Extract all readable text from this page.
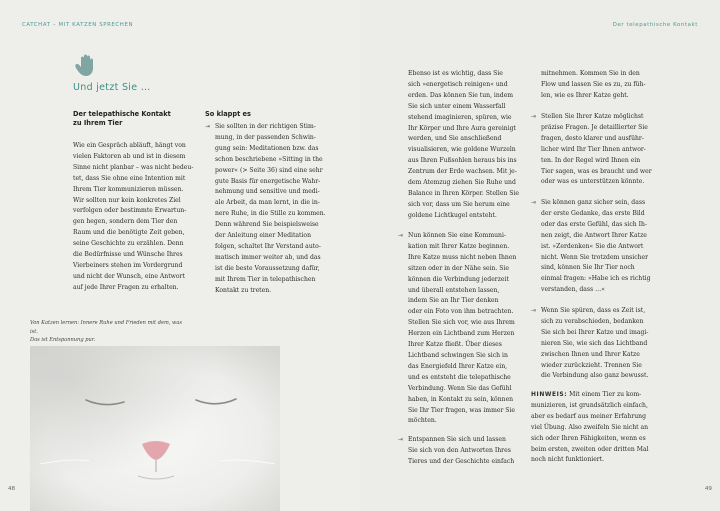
CATCHAT – MIT KATZEN SPRECHEN
Und jetzt Sie …
Der telepathische Kontakt
zu Ihrem Tier
Wie ein Gespräch abläuft, hängt von
vielen Faktoren ab und ist in diesem
Sinne nicht planbar – was nicht bedeu-
tet, dass Sie ohne eine Intention mit
Ihrem Tier kommunizieren müssen.
Wir sollten nur kein konkretes Ziel
verfolgen oder bestimmte Erwartun-
gen hegen, sondern dem Tier den
Raum und die benötigte Zeit geben,
seine Geschichte zu erzählen. Denn
die Bedürfnisse und Wünsche Ihres
Vierbeiners stehen im Vordergrund
und nicht der Wunsch, eine Antwort
auf jede Ihrer Fragen zu erhalten.
So klappt es
⇥ Sie sollten in der richtigen Stim-
mung, in der passenden Schwin-
gung sein: Meditationen bzw. das
schon beschriebene »Sitting in the
power« (> Seite 36) sind eine sehr
gute Basis für energetische Wahr-
nehmung und sensitive und medi-
ale Arbeit, da man lernt, in die in-
nere Ruhe, in die Stille zu kommen.
Denn während Sie beispielsweise
der Anleitung einer Meditation
folgen, schaltet Ihr Verstand auto-
matisch immer weiter ab, und das
ist die beste Voraussetzung dafür,
mit Ihrem Tier in telepathischen
Kontakt zu treten.
Von Katzen lernen: Innere Ruhe und Frieden mit dem, was ist.
Das ist Entspannung pur.
48
Der telepathische Kontakt
Ebenso ist es wichtig, dass Sie
sich »energetisch reinigen« und
erden. Das können Sie tun, indem
Sie sich unter einem Wasserfall
stehend imaginieren, spüren, wie
Ihr Körper und Ihre Aura gereinigt
werden, und Sie anschließend
visualisieren, wie goldene Wurzeln
aus Ihren Fußsohlen heraus bis ins
Zentrum der Erde wachsen. Mit je-
dem Atemzug ziehen Sie Ruhe und
Balance in Ihren Körper. Stellen Sie
sich vor, dass um Sie herum eine
goldene Lichtkugel entsteht.
⇥ Nun können Sie eine Kommuni-
kation mit Ihrer Katze beginnen.
Ihre Katze muss nicht neben Ihnen
sitzen oder in der Nähe sein. Sie
können die Verbindung jederzeit
und überall entstehen lassen,
indem Sie an Ihr Tier denken
oder ein Foto von ihm betrachten.
Stellen Sie sich vor, wie aus Ihrem
Herzen ein Lichtband zum Herzen
Ihrer Katze fließt. Über dieses
Lichtband schwingen Sie sich in
das Energiefeld Ihrer Katze ein,
und es entsteht die telepathische
Verbindung. Wenn Sie das Gefühl
haben, in Kontakt zu sein, können
Sie Ihr Tier fragen, was immer Sie
möchten.
⇥ Entspannen Sie sich und lassen
Sie sich von den Antworten Ihres
Tieres und der Geschichte einfach
mitnehmen. Kommen Sie in den
Flow und lassen Sie es zu, zu füh-
len, wie es Ihrer Katze geht.
⇥ Stellen Sie Ihrer Katze möglichst
präzise Fragen. Je detaillierter Sie
fragen, desto klarer und ausführ-
licher wird Ihr Tier Ihnen antwor-
ten. In der Regel wird Ihnen ein
Tier sagen, was es braucht und wer
oder was es unterstützen könnte.
⇥ Sie können ganz sicher sein, dass
der erste Gedanke, das erste Bild
oder das erste Gefühl, das sich Ih-
nen zeigt, die Antwort Ihrer Katze
ist. »Zerdenken« Sie die Antwort
nicht. Wenn Sie trotzdem unsicher
sind, können Sie Ihr Tier noch
einmal fragen: »Habe ich es richtig
verstanden, dass …«
⇥ Wenn Sie spüren, dass es Zeit ist,
sich zu verabschieden, bedanken
Sie sich bei Ihrer Katze und imagi-
nieren Sie, wie sich das Lichtband
zwischen Ihnen und Ihrer Katze
wieder zurückzieht. Trennen Sie
die Verbindung also ganz bewusst.
HINWEIS: Mit einem Tier zu kom-
munizieren, ist grundsätzlich einfach,
aber es bedarf aus meiner Erfahrung
viel Übung. Also zweifeln Sie nicht an
sich oder Ihren Fähigkeiten, wenn es
beim ersten, zweiten oder dritten Mal
noch nicht funktioniert.
49
